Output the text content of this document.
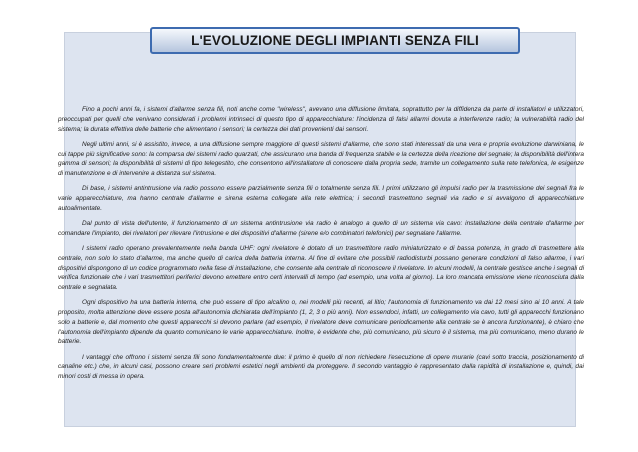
L'EVOLUZIONE DEGLI IMPIANTI SENZA FILI

Fino a pochi anni fa, i sistemi d'allarme senza fili, noti anche come "wireless", avevano una diffusione limitata, soprattutto per la diffidenza da parte di installatori e utilizzatori, preoccupati per quelli che venivano considerati i problemi intrinseci di questo tipo di apparecchiature: l'incidenza di falsi allarmi dovuta a interferenze radio; la vulnerabilità radio del sistema; la durata effettiva delle batterie che alimentano i sensori; la certezza dei dati provenienti dai sensori.

Negli ultimi anni, si è assistito, invece, a una diffusione sempre maggiore di questi sistemi d'allarme, che sono stati interessati da una vera e propria evoluzione darwiniana, le cui tappe più significative sono: la comparsa dei sistemi radio quarzati, che assicurano una banda di frequenza stabile e la certezza della ricezione del segnale; la disponibilità dell'intera gamma di sensori; la disponibilità di sistemi di tipo telegestito, che consentono all'installatore di conoscere dalla propria sede, tramite un collegamento sulla rete telefonica, le esigenze di manutenzione e di intervenire a distanza sul sistema.

Di base, i sistemi antintrusione via radio possono essere parzialmente senza fili o totalmente senza fili. I primi utilizzano gli impulsi radio per la trasmissione dei segnali fra le varie apparecchiature, ma hanno centrale d'allarme e sirena esterna collegate alla rete elettrica; i secondi trasmettono segnali via radio e si avvalgono di apparecchiature autoalimentate.

Dal punto di vista dell'utente, il funzionamento di un sistema antintrusione via radio è analogo a quello di un sistema via cavo: installazione della centrale d'allarme per comandare l'impianto, dei rivelatori per rilevare l'intrusione e dei dispositivi d'allarme (sirene e/o combinatori telefonici) per segnalare l'allarme.

I sistemi radio operano prevalentemente nella banda UHF: ogni rivelatore è dotato di un trasmettitore radio miniaturizzato e di bassa potenza, in grado di trasmettere alla centrale, non solo lo stato d'allarme, ma anche quello di carica della batteria interna. Al fine di evitare che possibili radiodisturbi possano generare condizioni di falso allarme, i vari dispositivi dispongono di un codice programmato nella fase di installazione, che consente alla centrale di riconoscere il rivelatore. In alcuni modelli, la centrale gestisce anche i segnali di verifica funzionale che i vari trasmettitori periferici devono emettere entro certi intervalli di tempo (ad esempio, una volta al giorno). La loro mancata emissione viene riconosciuta dalla centrale e segnalata.

Ogni dispositivo ha una batteria interna, che può essere di tipo alcalino o, nei modelli più recenti, al litio; l'autonomia di funzionamento va dai 12 mesi sino ai 10 anni. A tale proposito, molta attenzione deve essere posta all'autonomia dichiarata dell'impianto (1, 2, 3 o più anni). Non essendoci, infatti, un collegamento via cavo, tutti gli apparecchi funzionano solo a batterie e, dal momento che questi apparecchi si devono parlare (ad esempio, il rivelatore deve comunicare periodicamente alla centrale se è ancora funzionante), è chiaro che l'autonomia dell'impianto dipende da quanto comunicano le varie apparecchiature. Inoltre, è evidente che, più comunicano, più sicuro è il sistema, ma più comunicano, meno durano le batterie.

I vantaggi che offrono i sistemi senza fili sono fondamentalmente due: il primo è quello di non richiedere l'esecuzione di opere murarie (cavi sotto traccia, posizionamento di canaline etc.) che, in alcuni casi, possono creare seri problemi estetici negli ambienti da proteggere. Il secondo vantaggio è rappresentato dalla rapidità di installazione e, quindi, dai minori costi di messa in opera.
